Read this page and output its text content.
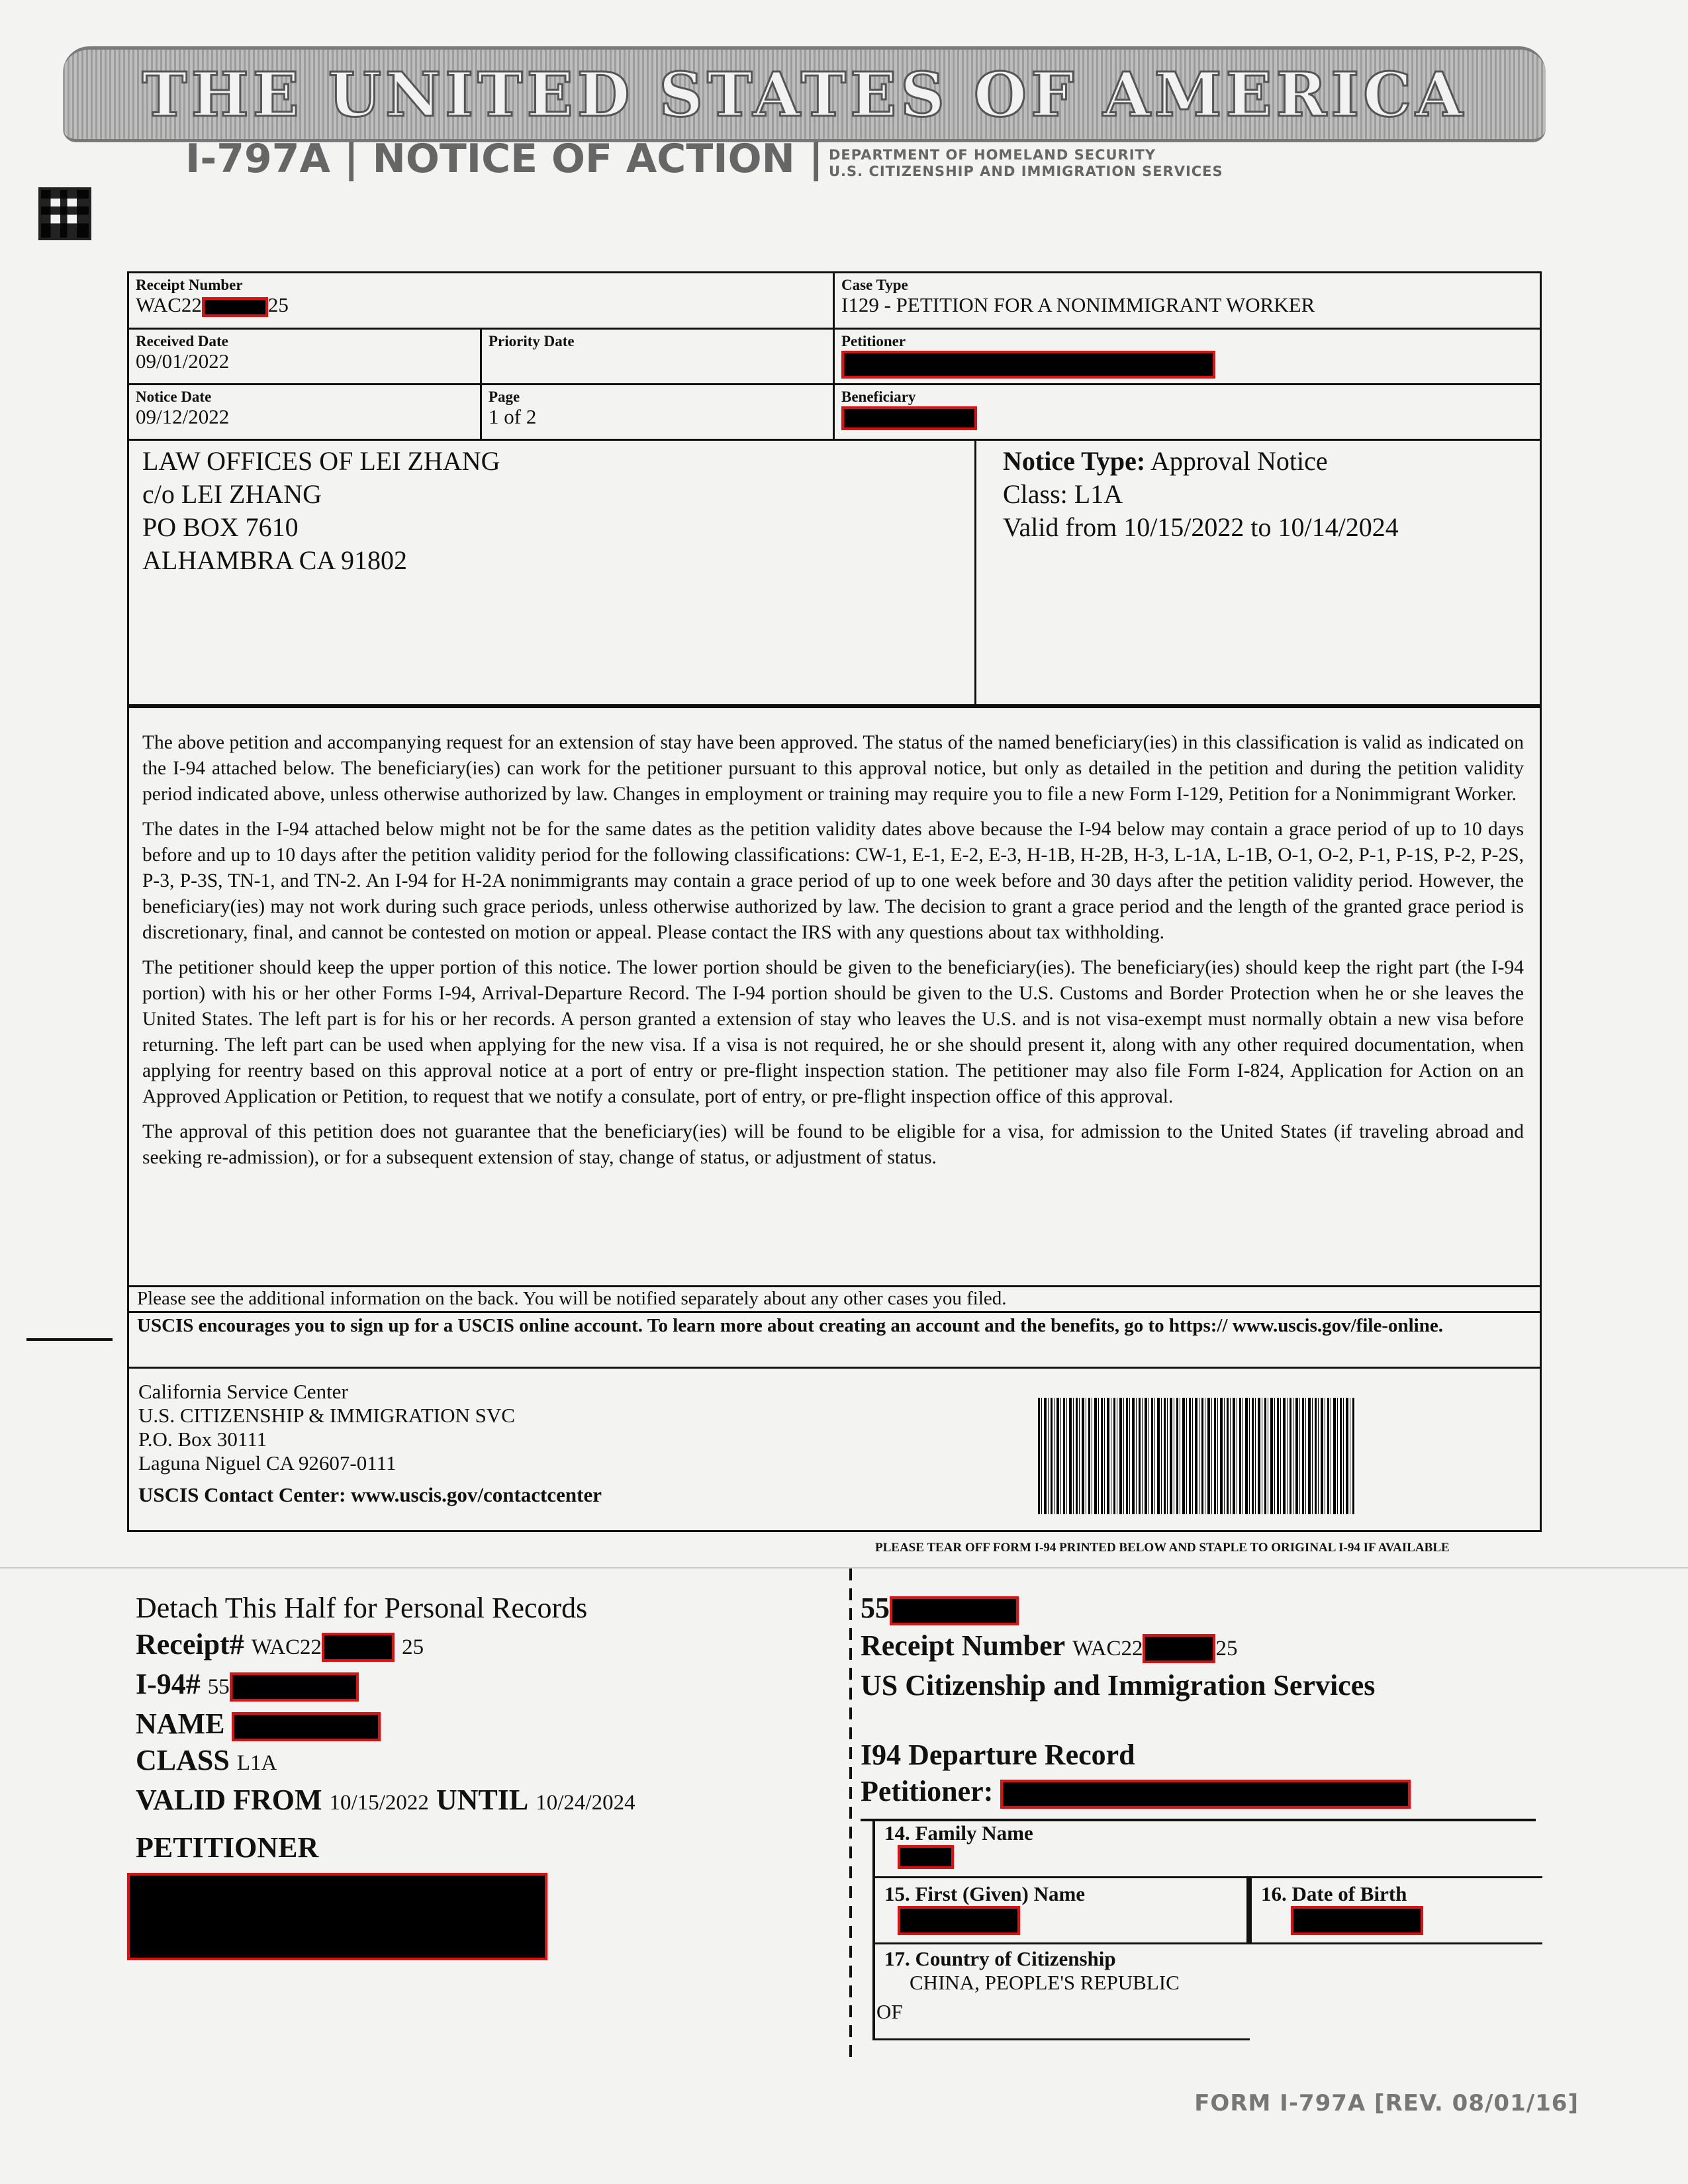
THE UNITED STATES OF AMERICA
I-797A | NOTICE OF ACTION | DEPARTMENT OF HOMELAND SECURITY
U.S. CITIZENSHIP AND IMMIGRATION SERVICES
Receipt Number
WAC22	25
Case Type
I129 - PETITION FOR A NONIMMIGRANT WORKER
Received Date
09/01/2022
Priority Date	Petitioner
Notice Date
09/12/2022
Page
1 of 2
Beneficiary
LAW OFFICES OF LEI ZHANG
c/o LEI ZHANG
PO BOX 7610
ALHAMBRA CA 91802
Notice Type: Approval Notice
Class: L1A
Valid from 10/15/2022 to 10/14/2024

The above petition and accompanying request for an extension of stay have been approved. The status of the named beneficiary(ies) in this classification is valid as indicated on the I-94 attached below. The beneficiary(ies) can work for the petitioner pursuant to this approval notice, but only as detailed in the petition and during the petition validity period indicated above, unless otherwise authorized by law. Changes in employment or training may require you to file a new Form I-129, Petition for a Nonimmigrant Worker.

The dates in the I-94 attached below might not be for the same dates as the petition validity dates above because the I-94 below may contain a grace period of up to 10 days before and up to 10 days after the petition validity period for the following classifications: CW-1, E-1, E-2, E-3, H-1B, H-2B, H-3, L-1A, L-1B, O-1, O-2, P-1, P-1S, P-2, P-2S, P-3, P-3S, TN-1, and TN-2. An I-94 for H-2A nonimmigrants may contain a grace period of up to one week before and 30 days after the petition validity period. However, the beneficiary(ies) may not work during such grace periods, unless otherwise authorized by law. The decision to grant a grace period and the length of the granted grace period is discretionary, final, and cannot be contested on motion or appeal. Please contact the IRS with any questions about tax withholding.

The petitioner should keep the upper portion of this notice. The lower portion should be given to the beneficiary(ies). The beneficiary(ies) should keep the right part (the I-94 portion) with his or her other Forms I-94, Arrival-Departure Record. The I-94 portion should be given to the U.S. Customs and Border Protection when he or she leaves the United States. The left part is for his or her records. A person granted a extension of stay who leaves the U.S. and is not visa-exempt must normally obtain a new visa before returning. The left part can be used when applying for the new visa. If a visa is not required, he or she should present it, along with any other required documentation, when applying for reentry based on this approval notice at a port of entry or pre-flight inspection station. The petitioner may also file Form I-824, Application for Action on an Approved Application or Petition, to request that we notify a consulate, port of entry, or pre-flight inspection office of this approval.

The approval of this petition does not guarantee that the beneficiary(ies) will be found to be eligible for a visa, for admission to the United States (if traveling abroad and seeking re-admission), or for a subsequent extension of stay, change of status, or adjustment of status.

Please see the additional information on the back. You will be notified separately about any other cases you filed.
USCIS encourages you to sign up for a USCIS online account. To learn more about creating an account and the benefits, go to https:// www.uscis.gov/file-online.
California Service Center
U.S. CITIZENSHIP & IMMIGRATION SVC
P.O. Box 30111
Laguna Niguel CA 92607-0111
USCIS Contact Center: www.uscis.gov/contactcenter
PLEASE TEAR OFF FORM I-94 PRINTED BELOW AND STAPLE TO ORIGINAL I-94 IF AVAILABLE
Detach This Half for Personal Records
Receipt# WAC22	25
I-94# 55
NAME
CLASS L1A
VALID FROM 10/15/2022 UNTIL 10/24/2024
PETITIONER
55
Receipt Number WAC22	25
US Citizenship and Immigration Services
I94 Departure Record
Petitioner:
14. Family Name
15. First (Given) Name	16. Date of Birth
17. Country of Citizenship
CHINA, PEOPLE'S REPUBLIC
OF
FORM I-797A [REV. 08/01/16]
